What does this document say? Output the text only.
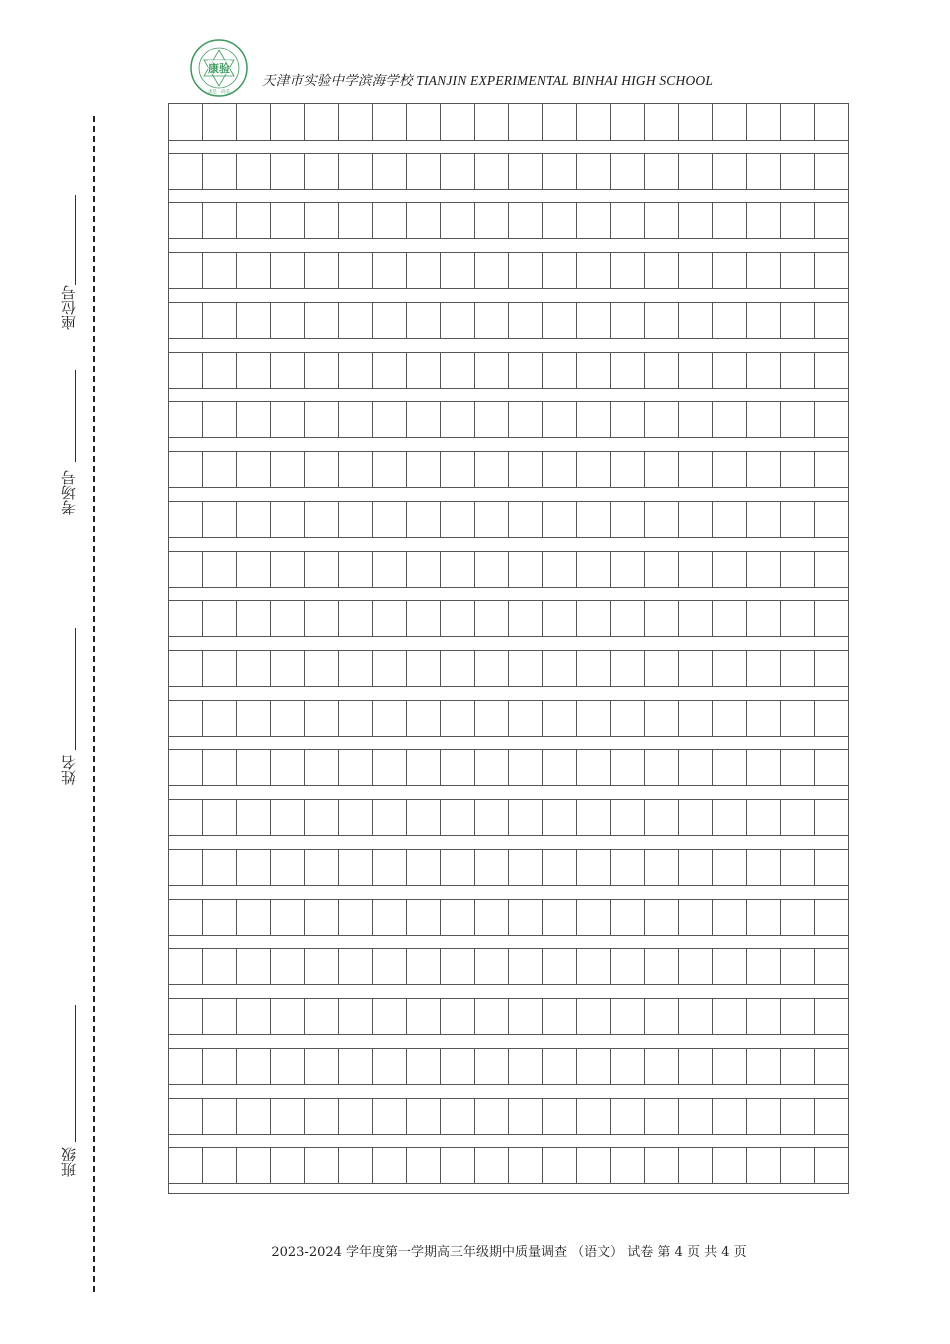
康验
求是 · 尚美
天津市实验中学滨海学校 TIANJIN EXPERIMENTAL BINHAI HIGH SCHOOL
座位号
考场号
姓名
班级
2023-2024 学年度第一学期高三年级期中质量调查 （语文） 试卷 第 4 页 共 4 页
